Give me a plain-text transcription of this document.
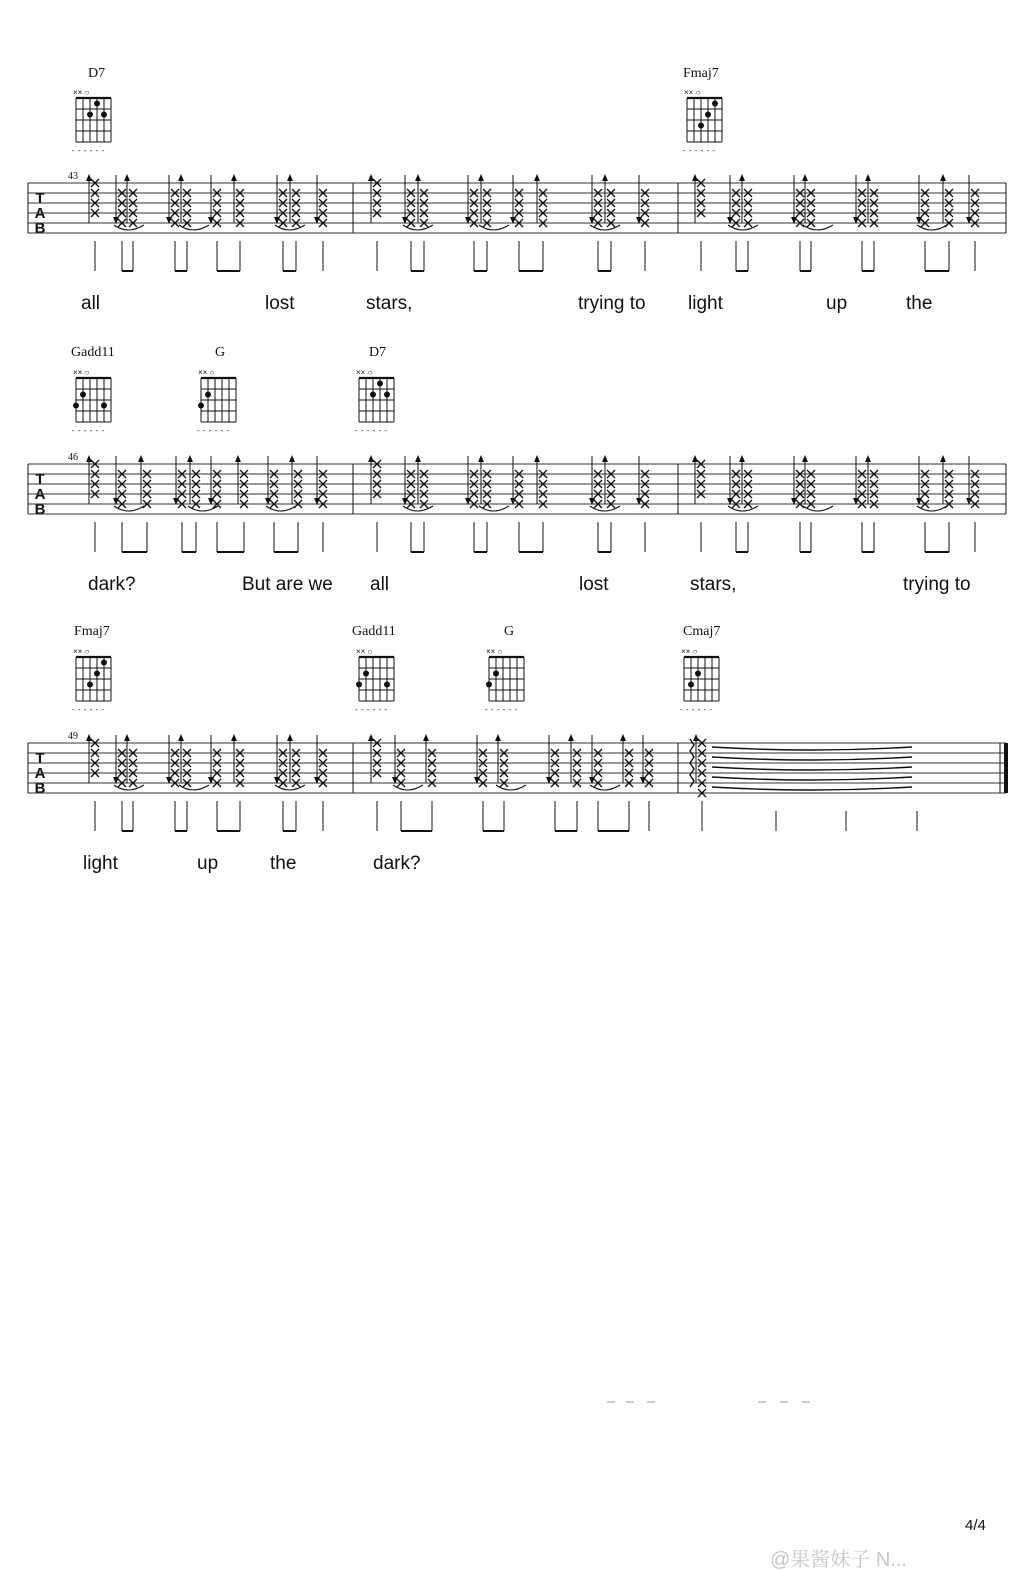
D7
×× ○
- - - - - -
Fmaj7
×× ○
- - - - - -
43
T
A
B
all	lost	stars,	trying to light	up	the
Gadd11
×× ○
- - - - - -
G
×× ○
- - - - - -
D7
×× ○
- - - - - -
46
T
A
B
dark?	But are we all	lost	stars,	trying to
Fmaj7
×× ○
- - - - - -
Gadd11
×× ○
- - - - - -
G
×× ○
- - - - - -
Cmaj7
×× ○
- - - - - -
49
T
A
B
light	up	the	dark?
4/4
@果酱妹子 N...
